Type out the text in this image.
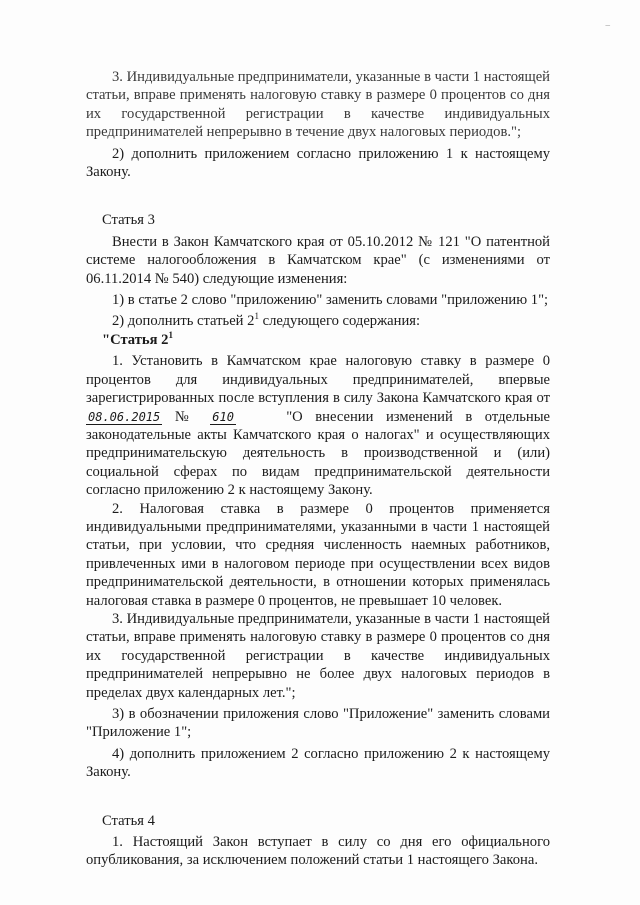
¯
3. Индивидуальные предприниматели, указанные в части 1 настоящей статьи, вправе применять налоговую ставку в размере 0 процентов со дня их государственной регистрации в качестве индивидуальных предпринимателей непрерывно в течение двух налоговых периодов.";
2) дополнить приложением согласно приложению 1 к настоящему Закону.
Статья 3
Внести в Закон Камчатского края от 05.10.2012 № 121 "О патентной системе налогообложения в Камчатском крае" (с изменениями от 06.11.2014 № 540) следующие изменения:
1) в статье 2 слово "приложению" заменить словами "приложению 1";
2) дополнить статьей $2^1$ следующего содержания:
"Статья $2^1$
1. Установить в Камчатском крае налоговую ставку в размере 0 процентов для индивидуальных предпринимателей, впервые зарегистрированных после вступления в силу Закона Камчатского края от 08.06.2015 № 610	"О внесении изменений в отдельные законодательные акты Камчатского края о налогах" и осуществляющих предпринимательскую деятельность в производственной и (или) социальной сферах по видам предпринимательской деятельности согласно приложению 2 к настоящему Закону.
2. Налоговая ставка в размере 0 процентов применяется индивидуальными предпринимателями, указанными в части 1 настоящей статьи, при условии, что средняя численность наемных работников, привлеченных ими в налоговом периоде при осуществлении всех видов предпринимательской деятельности, в отношении которых применялась налоговая ставка в размере 0 процентов, не превышает 10 человек.
3. Индивидуальные предприниматели, указанные в части 1 настоящей статьи, вправе применять налоговую ставку в размере 0 процентов со дня их государственной регистрации в качестве индивидуальных предпринимателей непрерывно не более двух налоговых периодов в пределах двух календарных лет.";
3) в обозначении приложения слово "Приложение" заменить словами "Приложение 1";
4) дополнить приложением 2 согласно приложению 2 к настоящему Закону.
Статья 4
1. Настоящий Закон вступает в силу со дня его официального опубликования, за исключением положений статьи 1 настоящего Закона.
